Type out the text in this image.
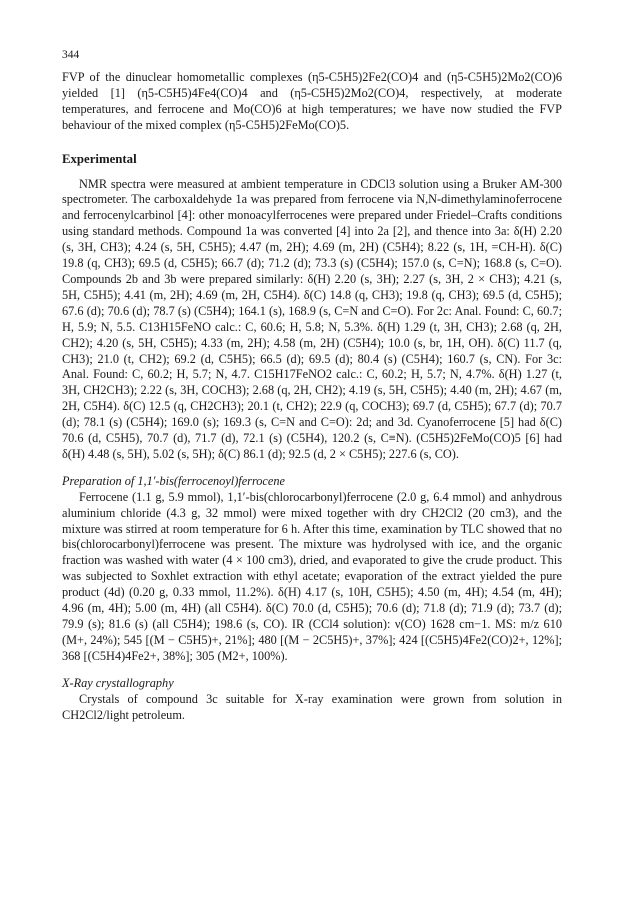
344

FVP of the dinuclear homometallic complexes (η5-C5H5)2Fe2(CO)4 and (η5-C5H5)2Mo2(CO)6 yielded [1] (η5-C5H5)4Fe4(CO)4 and (η5-C5H5)2Mo2(CO)4, respectively, at moderate temperatures, and ferrocene and Mo(CO)6 at high temperatures; we have now studied the FVP behaviour of the mixed complex (η5-C5H5)2FeMo(CO)5.

Experimental

NMR spectra were measured at ambient temperature in CDCl3 solution using a Bruker AM-300 spectrometer. The carboxaldehyde 1a was prepared from ferrocene via N,N-dimethylaminoferrocene and ferrocenylcarbinol [4]: other monoacylferrocenes were prepared under Friedel–Crafts conditions using standard methods. Compound 1a was converted [4] into 2a [2], and thence into 3a: δ(H) 2.20 (s, 3H, CH3); 4.24 (s, 5H, C5H5); 4.47 (m, 2H); 4.69 (m, 2H) (C5H4); 8.22 (s, 1H, =CH-H). δ(C) 19.8 (q, CH3); 69.5 (d, C5H5); 66.7 (d); 71.2 (d); 73.3 (s) (C5H4); 157.0 (s, C=N); 168.8 (s, C=O). Compounds 2b and 3b were prepared similarly: δ(H) 2.20 (s, 3H); 2.27 (s, 3H, 2 × CH3); 4.21 (s, 5H, C5H5); 4.41 (m, 2H); 4.69 (m, 2H, C5H4). δ(C) 14.8 (q, CH3); 19.8 (q, CH3); 69.5 (d, C5H5); 67.6 (d); 70.6 (d); 78.7 (s) (C5H4); 164.1 (s), 168.9 (s, C=N and C=O). For 2c: Anal. Found: C, 60.7; H, 5.9; N, 5.5. C13H15FeNO calc.: C, 60.6; H, 5.8; N, 5.3%. δ(H) 1.29 (t, 3H, CH3); 2.68 (q, 2H, CH2); 4.20 (s, 5H, C5H5); 4.33 (m, 2H); 4.58 (m, 2H) (C5H4); 10.0 (s, br, 1H, OH). δ(C) 11.7 (q, CH3); 21.0 (t, CH2); 69.2 (d, C5H5); 66.5 (d); 69.5 (d); 80.4 (s) (C5H4); 160.7 (s, CN). For 3c: Anal. Found: C, 60.2; H, 5.7; N, 4.7. C15H17FeNO2 calc.: C, 60.2; H, 5.7; N, 4.7%. δ(H) 1.27 (t, 3H, CH2CH3); 2.22 (s, 3H, COCH3); 2.68 (q, 2H, CH2); 4.19 (s, 5H, C5H5); 4.40 (m, 2H); 4.67 (m, 2H, C5H4). δ(C) 12.5 (q, CH2CH3); 20.1 (t, CH2); 22.9 (q, COCH3); 69.7 (d, C5H5); 67.7 (d); 70.7 (d); 78.1 (s) (C5H4); 169.0 (s); 169.3 (s, C=N and C=O): 2d; and 3d. Cyanoferrocene [5] had δ(C) 70.6 (d, C5H5), 70.7 (d), 71.7 (d), 72.1 (s) (C5H4), 120.2 (s, C≡N). (C5H5)2FeMo(CO)5 [6] had δ(H) 4.48 (s, 5H), 5.02 (s, 5H); δ(C) 86.1 (d); 92.5 (d, 2 × C5H5); 227.6 (s, CO).

Preparation of 1,1′-bis(ferrocenoyl)ferrocene

Ferrocene (1.1 g, 5.9 mmol), 1,1′-bis(chlorocarbonyl)ferrocene (2.0 g, 6.4 mmol) and anhydrous aluminium chloride (4.3 g, 32 mmol) were mixed together with dry CH2Cl2 (20 cm3), and the mixture was stirred at room temperature for 6 h. After this time, examination by TLC showed that no bis(chlorocarbonyl)ferrocene was present. The mixture was hydrolysed with ice, and the organic fraction was washed with water (4 × 100 cm3), dried, and evaporated to give the crude product. This was subjected to Soxhlet extraction with ethyl acetate; evaporation of the extract yielded the pure product (4d) (0.20 g, 0.33 mmol, 11.2%). δ(H) 4.17 (s, 10H, C5H5); 4.50 (m, 4H); 4.54 (m, 4H); 4.96 (m, 4H); 5.00 (m, 4H) (all C5H4). δ(C) 70.0 (d, C5H5); 70.6 (d); 71.8 (d); 71.9 (d); 73.7 (d); 79.9 (s); 81.6 (s) (all C5H4); 198.6 (s, CO). IR (CCl4 solution): ν(CO) 1628 cm−1. MS: m/z 610 (M+, 24%); 545 [(M − C5H5)+, 21%]; 480 [(M − 2C5H5)+, 37%]; 424 [(C5H5)4Fe2(CO)2+, 12%]; 368 [(C5H4)4Fe2+, 38%]; 305 (M2+, 100%).

X-Ray crystallography

Crystals of compound 3c suitable for X-ray examination were grown from solution in CH2Cl2/light petroleum.
